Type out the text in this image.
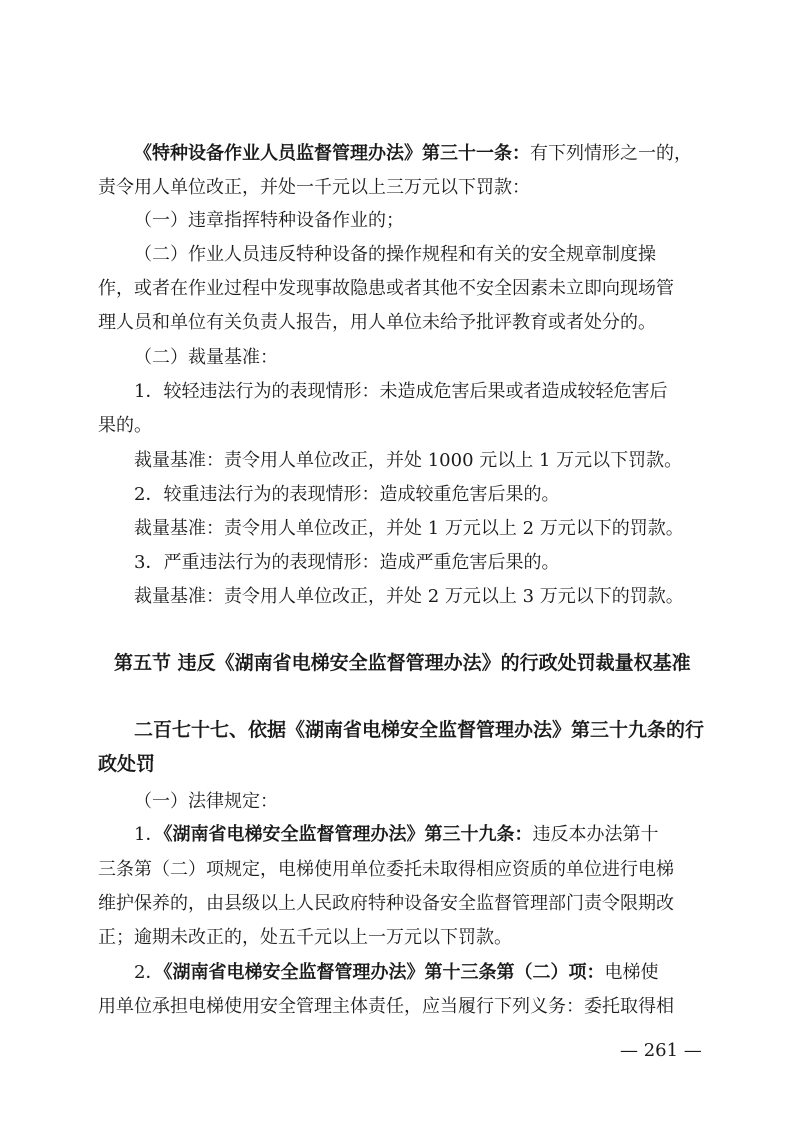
《特种设备作业人员监督管理办法》第三十一条：有下列情形之一的，
责令用人单位改正，并处一千元以上三万元以下罚款：
（一）违章指挥特种设备作业的；
（二）作业人员违反特种设备的操作规程和有关的安全规章制度操
作，或者在作业过程中发现事故隐患或者其他不安全因素未立即向现场管
理人员和单位有关负责人报告，用人单位未给予批评教育或者处分的。
（二）裁量基准：
1．较轻违法行为的表现情形：未造成危害后果或者造成较轻危害后
果的。
裁量基准：责令用人单位改正，并处 1000 元以上 1 万元以下罚款。
2．较重违法行为的表现情形：造成较重危害后果的。
裁量基准：责令用人单位改正，并处 1 万元以上 2 万元以下的罚款。
3．严重违法行为的表现情形：造成严重危害后果的。
裁量基准：责令用人单位改正，并处 2 万元以上 3 万元以下的罚款。
第五节 违反《湖南省电梯安全监督管理办法》的行政处罚裁量权基准
二百七十七、依据《湖南省电梯安全监督管理办法》第三十九条的行
政处罚
（一）法律规定：
1．《湖南省电梯安全监督管理办法》第三十九条：违反本办法第十
三条第（二）项规定，电梯使用单位委托未取得相应资质的单位进行电梯
维护保养的，由县级以上人民政府特种设备安全监督管理部门责令限期改
正；逾期未改正的，处五千元以上一万元以下罚款。
2．《湖南省电梯安全监督管理办法》第十三条第（二）项：电梯使
用单位承担电梯使用安全管理主体责任，应当履行下列义务：委托取得相
— 261 —
